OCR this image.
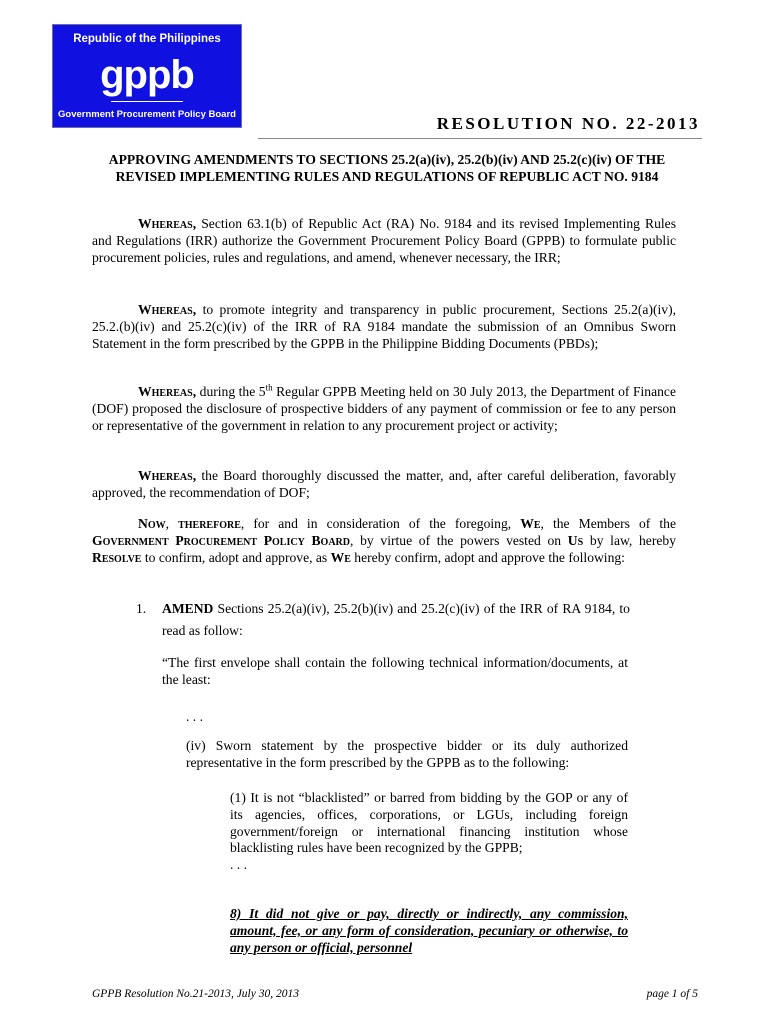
Republic of the Philippines
gppb
Government Procurement Policy Board	RESOLUTION NO. 22-2013
APPROVING AMENDMENTS TO SECTIONS 25.2(a)(iv), 25.2(b)(iv) AND 25.2(c)(iv) OF THE REVISED IMPLEMENTING RULES AND REGULATIONS OF REPUBLIC ACT NO. 9184
Whereas, Section 63.1(b) of Republic Act (RA) No. 9184 and its revised Implementing Rules and Regulations (IRR) authorize the Government Procurement Policy Board (GPPB) to formulate public procurement policies, rules and regulations, and amend, whenever necessary, the IRR;
Whereas, to promote integrity and transparency in public procurement, Sections 25.2(a)(iv), 25.2.(b)(iv) and 25.2(c)(iv) of the IRR of RA 9184 mandate the submission of an Omnibus Sworn Statement in the form prescribed by the GPPB in the Philippine Bidding Documents (PBDs);
Whereas, during the 5th Regular GPPB Meeting held on 30 July 2013, the Department of Finance (DOF) proposed the disclosure of prospective bidders of any payment of commission or fee to any person or representative of the government in relation to any procurement project or activity;
Whereas, the Board thoroughly discussed the matter, and, after careful deliberation, favorably approved, the recommendation of DOF;
Now, therefore, for and in consideration of the foregoing, We, the Members of the Government Procurement Policy Board, by virtue of the powers vested on Us by law, hereby Resolve to confirm, adopt and approve, as We hereby confirm, adopt and approve the following:
1.	AMEND Sections 25.2(a)(iv), 25.2(b)(iv) and 25.2(c)(iv) of the IRR of RA 9184, to read as follow:
“The first envelope shall contain the following technical information/documents, at the least:
. . .
(iv) Sworn statement by the prospective bidder or its duly authorized representative in the form prescribed by the GPPB as to the following:
(1) It is not “blacklisted” or barred from bidding by the GOP or any of its agencies, offices, corporations, or LGUs, including foreign government/foreign or international financing institution whose blacklisting rules have been recognized by the GPPB;
. . .
8) It did not give or pay, directly or indirectly, any commission, amount, fee, or any form of consideration, pecuniary or otherwise, to any person or official, personnel
GPPB Resolution No.21-2013, July 30, 2013	page 1 of 5
